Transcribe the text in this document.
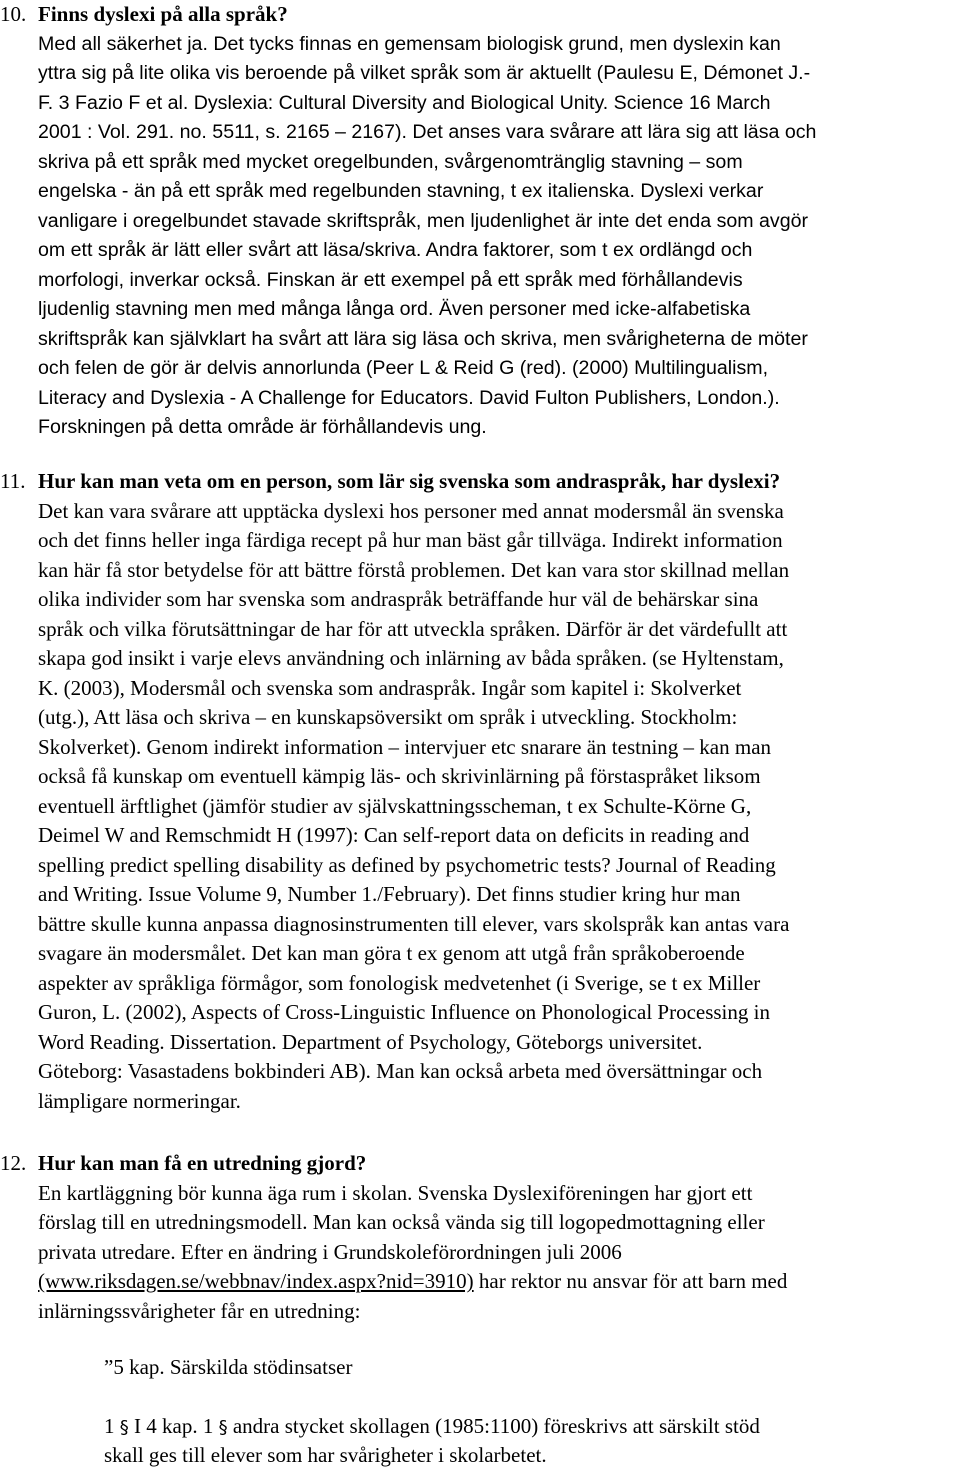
10. Finns dyslexi på alla språk?
Med all säkerhet ja. Det tycks finnas en gemensam biologisk grund, men dyslexin kan
yttra sig på lite olika vis beroende på vilket språk som är aktuellt (Paulesu E, Démonet J.-
F. 3 Fazio F et al. Dyslexia: Cultural Diversity and Biological Unity. Science 16 March
2001 : Vol. 291. no. 5511, s. 2165 – 2167). Det anses vara svårare att lära sig att läsa och
skriva på ett språk med mycket oregelbunden, svårgenomtränglig stavning – som
engelska - än på ett språk med regelbunden stavning, t ex italienska. Dyslexi verkar
vanligare i oregelbundet stavade skriftspråk, men ljudenlighet är inte det enda som avgör
om ett språk är lätt eller svårt att läsa/skriva. Andra faktorer, som t ex ordlängd och
morfologi, inverkar också. Finskan är ett exempel på ett språk med förhållandevis
ljudenlig stavning men med många långa ord. Även personer med icke-alfabetiska
skriftspråk kan självklart ha svårt att lära sig läsa och skriva, men svårigheterna de möter
och felen de gör är delvis annorlunda (Peer L & Reid G (red). (2000) Multilingualism,
Literacy and Dyslexia - A Challenge for Educators. David Fulton Publishers, London.).
Forskningen på detta område är förhållandevis ung.
11. Hur kan man veta om en person, som lär sig svenska som andraspråk, har dyslexi?
Det kan vara svårare att upptäcka dyslexi hos personer med annat modersmål än svenska
och det finns heller inga färdiga recept på hur man bäst går tillväga. Indirekt information
kan här få stor betydelse för att bättre förstå problemen. Det kan vara stor skillnad mellan
olika individer som har svenska som andraspråk beträffande hur väl de behärskar sina
språk och vilka förutsättningar de har för att utveckla språken. Därför är det värdefullt att
skapa god insikt i varje elevs användning och inlärning av båda språken. (se Hyltenstam,
K. (2003), Modersmål och svenska som andraspråk. Ingår som kapitel i: Skolverket
(utg.), Att läsa och skriva – en kunskapsöversikt om språk i utveckling. Stockholm:
Skolverket). Genom indirekt information – intervjuer etc snarare än testning – kan man
också få kunskap om eventuell kämpig läs- och skrivinlärning på förstaspråket liksom
eventuell ärftlighet (jämför studier av självskattningsscheman, t ex Schulte-Körne G,
Deimel W and Remschmidt H (1997): Can self-report data on deficits in reading and
spelling predict spelling disability as defined by psychometric tests? Journal of Reading
and Writing. Issue Volume 9, Number 1./February). Det finns studier kring hur man
bättre skulle kunna anpassa diagnosinstrumenten till elever, vars skolspråk kan antas vara
svagare än modersmålet. Det kan man göra t ex genom att utgå från språkoberoende
aspekter av språkliga förmågor, som fonologisk medvetenhet (i Sverige, se t ex Miller
Guron, L. (2002), Aspects of Cross-Linguistic Influence on Phonological Processing in
Word Reading. Dissertation. Department of Psychology, Göteborgs universitet.
Göteborg: Vasastadens bokbinderi AB). Man kan också arbeta med översättningar och
lämpligare normeringar.
12. Hur kan man få en utredning gjord?
En kartläggning bör kunna äga rum i skolan. Svenska Dyslexiföreningen har gjort ett
förslag till en utredningsmodell. Man kan också vända sig till logopedmottagning eller
privata utredare. Efter en ändring i Grundskoleförordningen juli 2006
(www.riksdagen.se/webbnav/index.aspx?nid=3910) har rektor nu ansvar för att barn med
inlärningssvårigheter får en utredning:
”5 kap. Särskilda stödinsatser
1 § I 4 kap. 1 § andra stycket skollagen (1985:1100) föreskrivs att särskilt stöd
skall ges till elever som har svårigheter i skolarbetet.
